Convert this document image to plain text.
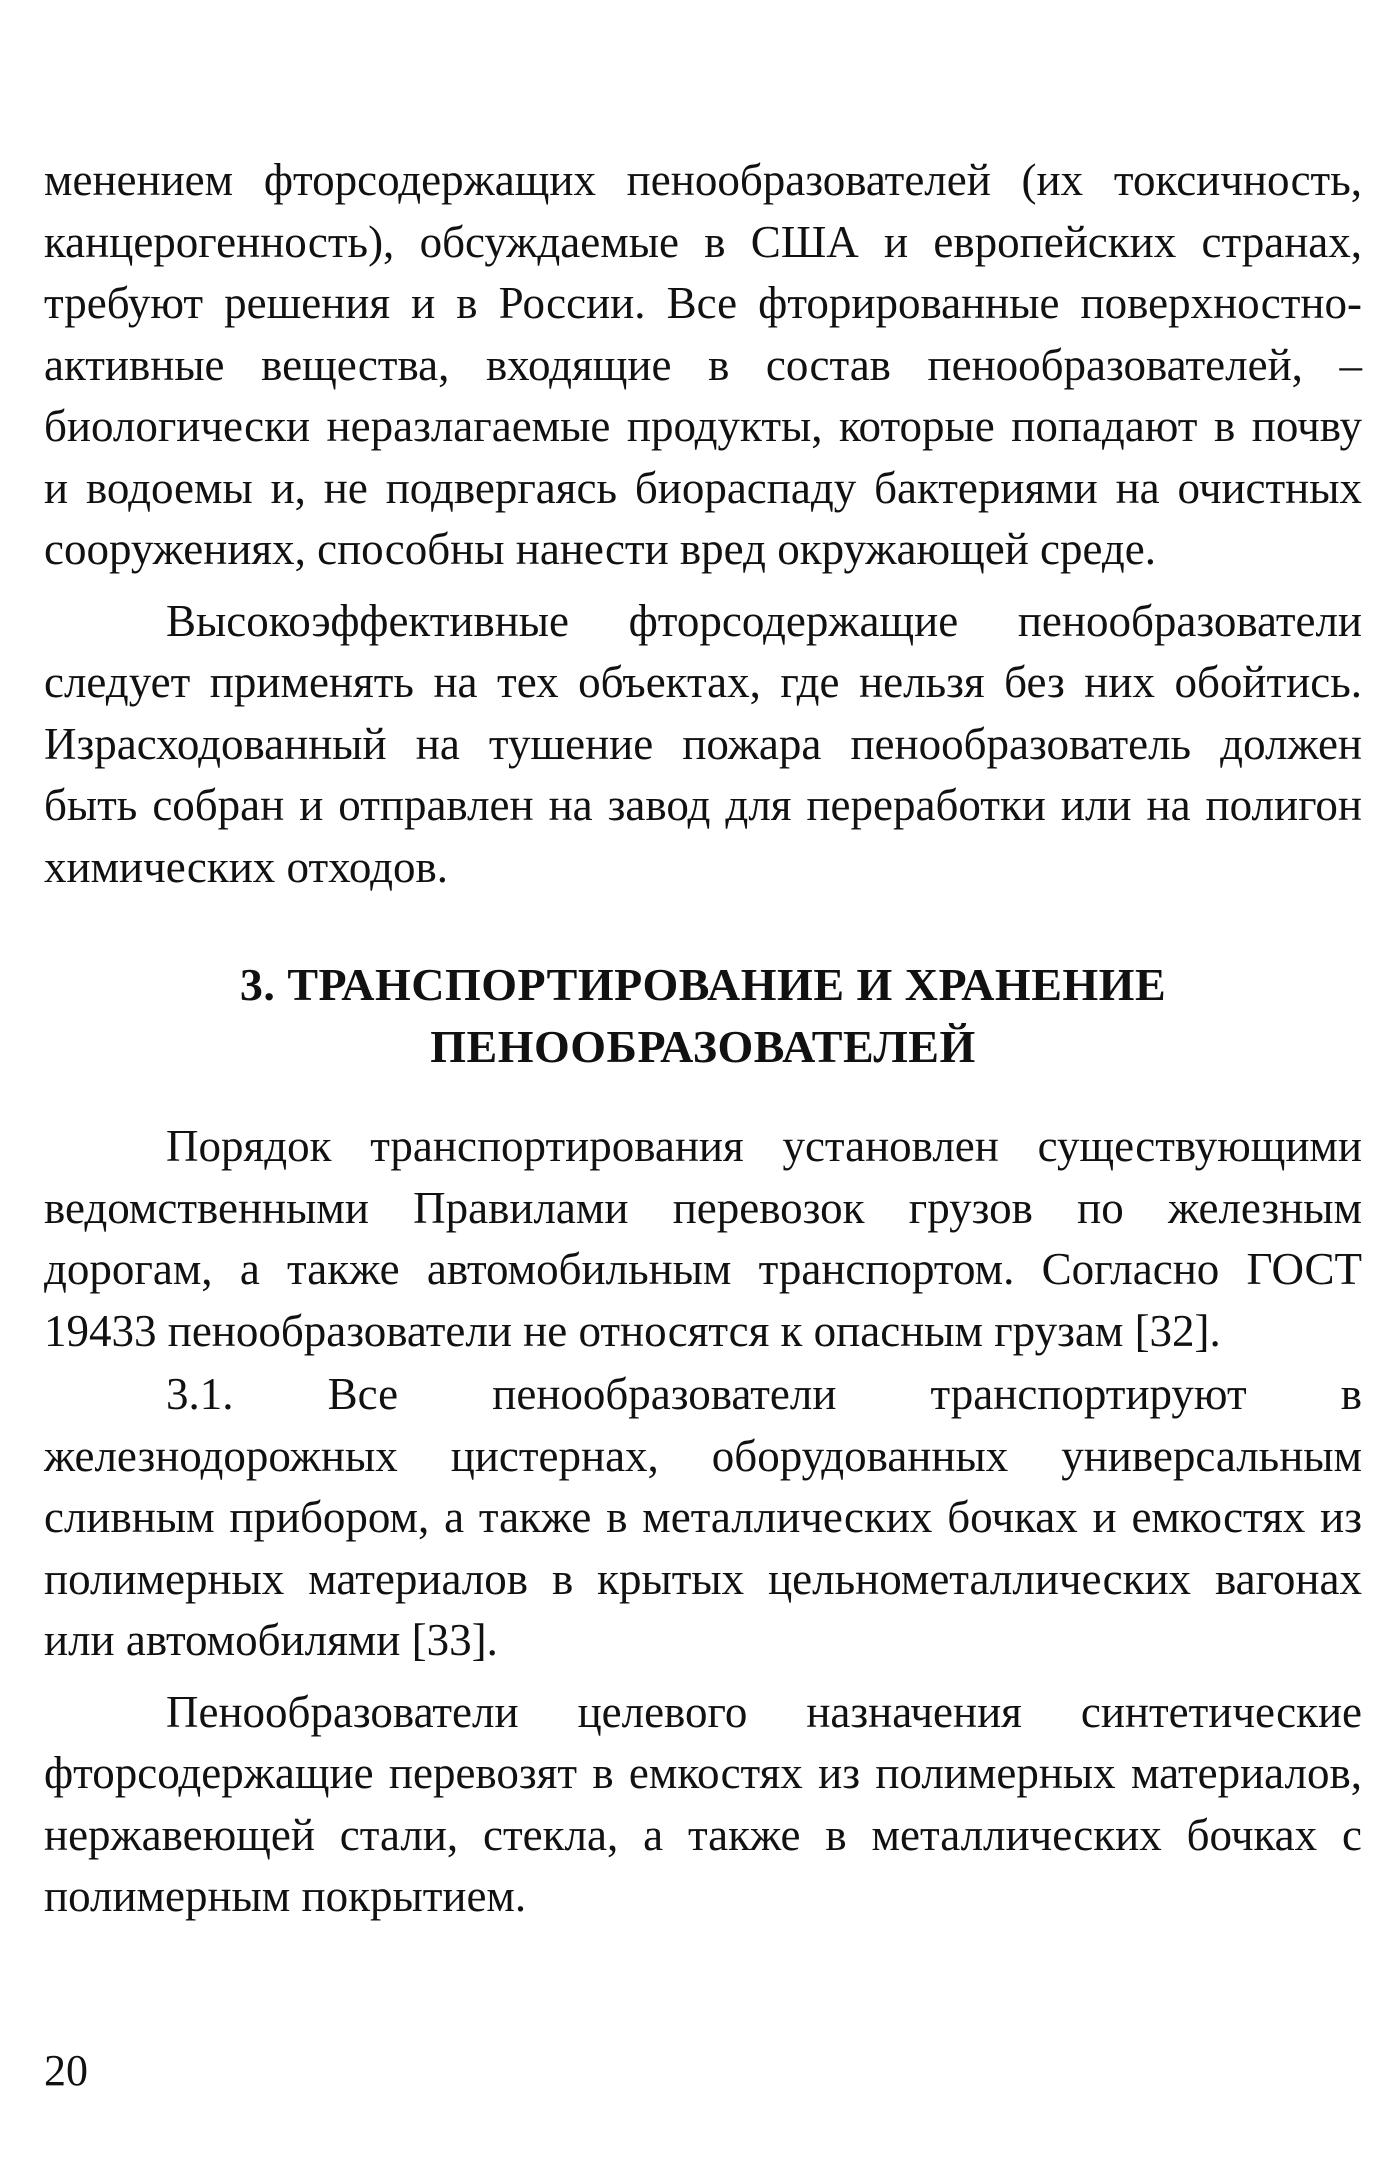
менением фторсодержащих пенообразователей (их токсичность, канцерогенность), обсуждаемые в США и европейских странах, требуют решения и в России. Все фторированные поверхностно-активные вещества, входящие в состав пенообразователей, – биологически неразлагаемые продукты, которые попадают в почву и водоемы и, не подвергаясь биораспаду бактериями на очистных сооружениях, способны нанести вред окружающей среде.

Высокоэффективные фторсодержащие пенообразователи следует применять на тех объектах, где нельзя без них обойтись. Израсходованный на тушение пожара пенообразователь должен быть собран и отправлен на завод для переработки или на полигон химических отходов.

3. ТРАНСПОРТИРОВАНИЕ И ХРАНЕНИЕ
ПЕНООБРАЗОВАТЕЛЕЙ

Порядок транспортирования установлен существующими ведомственными Правилами перевозок грузов по железным дорогам, а также автомобильным транспортом. Согласно ГОСТ 19433 пенообразователи не относятся к опасным грузам [32].

3.1. Все пенообразователи транспортируют в железнодорожных цистернах, оборудованных универсальным сливным прибором, а также в металлических бочках и емкостях из полимерных материалов в крытых цельнометаллических вагонах или автомобилями [33].

Пенообразователи целевого назначения синтетические фторсодержащие перевозят в емкостях из полимерных материалов, нержавеющей стали, стекла, а также в металлических бочках с полимерным покрытием.

20
